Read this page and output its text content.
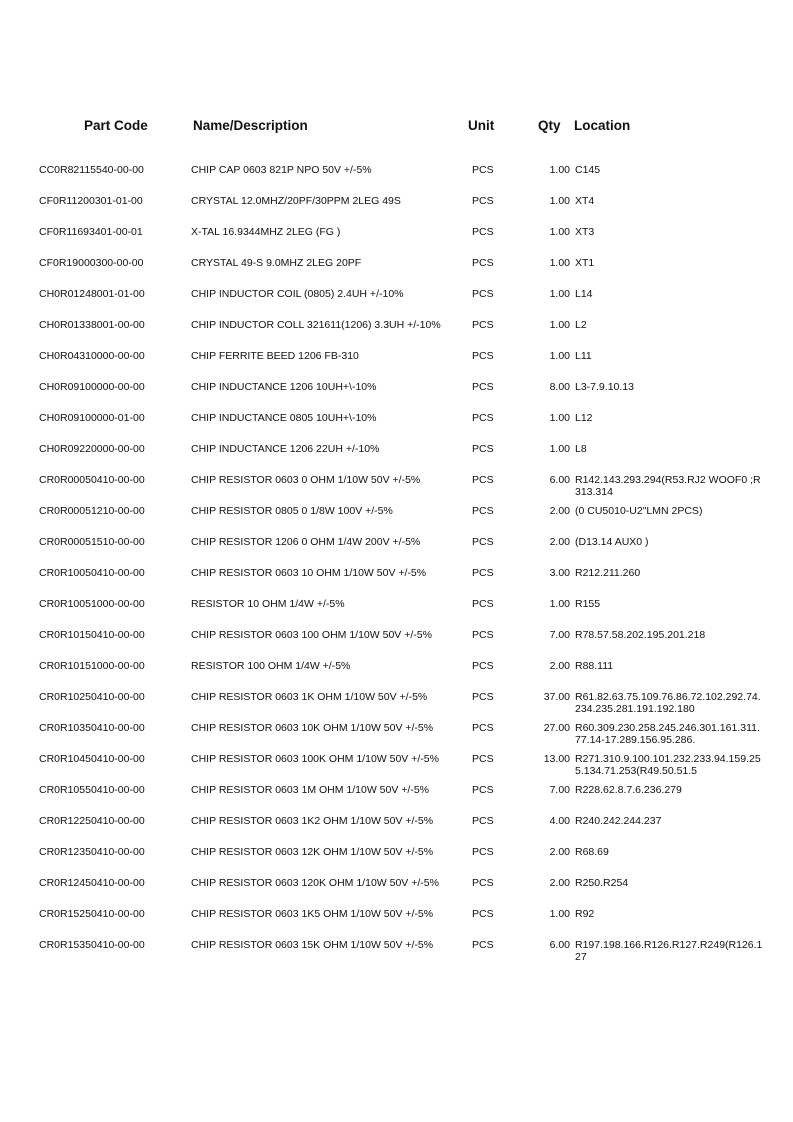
Part Code	Name/Description	Unit	Qty Location
CC0R82115540-00-00	CHIP CAP 0603 821P NPO 50V +/-5%	PCS	1.00 C145
CF0R11200301-01-00	CRYSTAL 12.0MHZ/20PF/30PPM 2LEG 49S	PCS	1.00 XT4
CF0R11693401-00-01	X-TAL 16.9344MHZ 2LEG (FG )	PCS	1.00 XT3
CF0R19000300-00-00	CRYSTAL 49-S 9.0MHZ 2LEG 20PF	PCS	1.00 XT1
CH0R01248001-01-00	CHIP INDUCTOR COIL (0805) 2.4UH +/-10%	PCS	1.00 L14
CH0R01338001-00-00	CHIP INDUCTOR COLL 321611(1206) 3.3UH +/-10%	PCS	1.00 L2
CH0R04310000-00-00	CHIP FERRITE BEED 1206 FB-310	PCS	1.00 L11
CH0R09100000-00-00	CHIP INDUCTANCE 1206 10UH+\-10%	PCS	8.00 L3-7.9.10.13
CH0R09100000-01-00	CHIP INDUCTANCE 0805 10UH+\-10%	PCS	1.00 L12
CH0R09220000-00-00	CHIP INDUCTANCE 1206 22UH +/-10%	PCS	1.00 L8
CR0R00050410-00-00	CHIP RESISTOR 0603 0 OHM 1/10W 50V +/-5%	PCS	6.00 R142.143.293.294(R53.RJ2 WOOF0 ;R313.314
CR0R00051210-00-00	CHIP RESISTOR 0805 0 1/8W 100V +/-5%	PCS	2.00 (0 CU5010-U2"LMN 2PCS)
CR0R00051510-00-00	CHIP RESISTOR 1206 0 OHM 1/4W 200V +/-5%	PCS	2.00 (D13.14 AUX0 )
CR0R10050410-00-00	CHIP RESISTOR 0603 10 OHM 1/10W 50V +/-5%	PCS	3.00 R212.211.260
CR0R10051000-00-00	RESISTOR 10 OHM 1/4W +/-5%	PCS	1.00 R155
CR0R10150410-00-00	CHIP RESISTOR 0603 100 OHM 1/10W 50V +/-5%	PCS	7.00 R78.57.58.202.195.201.218
CR0R10151000-00-00	RESISTOR 100 OHM 1/4W +/-5%	PCS	2.00 R88.111
CR0R10250410-00-00	CHIP RESISTOR 0603 1K OHM 1/10W 50V +/-5%	PCS	37.00 R61.82.63.75.109.76.86.72.102.292.74.234.235.281.191.192.180
CR0R10350410-00-00	CHIP RESISTOR 0603 10K OHM 1/10W 50V +/-5%	PCS	27.00 R60.309.230.258.245.246.301.161.311.77.14-17.289.156.95.286.
CR0R10450410-00-00	CHIP RESISTOR 0603 100K OHM 1/10W 50V +/-5%	PCS	13.00 R271.310.9.100.101.232.233.94.159.255.134.71.253(R49.50.51.5
CR0R10550410-00-00	CHIP RESISTOR 0603 1M OHM 1/10W 50V +/-5%	PCS	7.00 R228.62.8.7.6.236.279
CR0R12250410-00-00	CHIP RESISTOR 0603 1K2 OHM 1/10W 50V +/-5%	PCS	4.00 R240.242.244.237
CR0R12350410-00-00	CHIP RESISTOR 0603 12K OHM 1/10W 50V +/-5%	PCS	2.00 R68.69
CR0R12450410-00-00	CHIP RESISTOR 0603 120K OHM 1/10W 50V +/-5%	PCS	2.00 R250.R254
CR0R15250410-00-00	CHIP RESISTOR 0603 1K5 OHM 1/10W 50V +/-5%	PCS	1.00 R92
CR0R15350410-00-00	CHIP RESISTOR 0603 15K OHM 1/10W 50V +/-5%	PCS	6.00 R197.198.166.R126.R127.R249(R126.127
